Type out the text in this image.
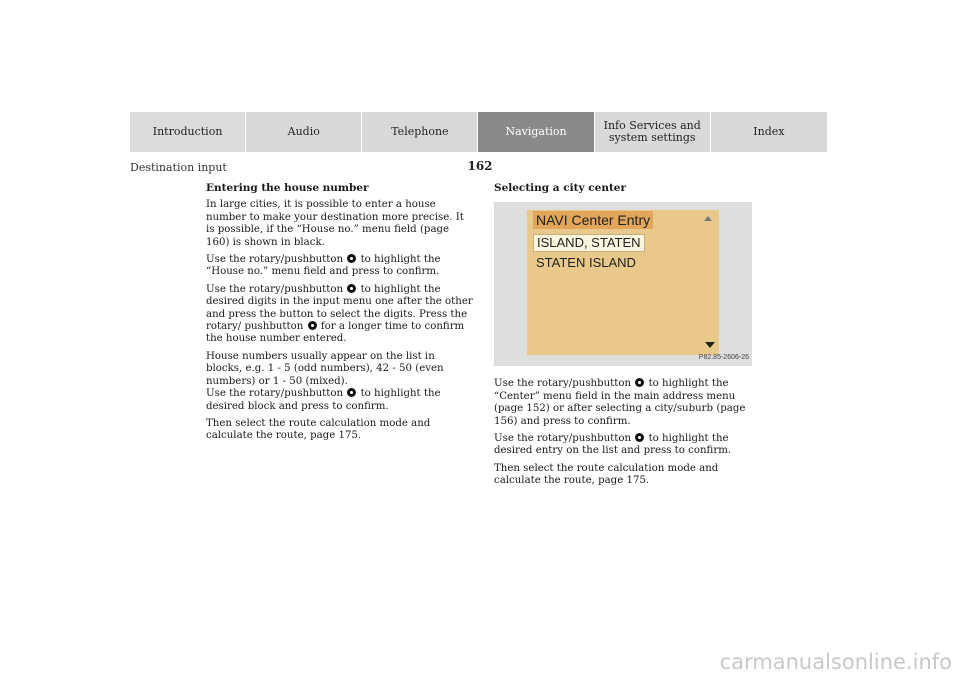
Introduction	Audio	Telephone	Navigation	Info Services and system settings	Index
Destination input	162

Entering the house number

In large cities, it is possible to enter a house number to make your destination more precise. It is possible, if the “House no.” menu field (page 160) is shown in black.

Use the rotary/pushbutton to highlight the “House no.” menu field and press to confirm.

Use the rotary/pushbutton to highlight the desired digits in the input menu one after the other and press the button to select the digits. Press the rotary/ pushbutton for a longer time to confirm the house number entered.

House numbers usually appear on the list in blocks, e.g. 1 - 5 (odd numbers), 42 - 50 (even numbers) or 1 - 50 (mixed).
Use the rotary/pushbutton to highlight the desired block and press to confirm.

Then select the route calculation mode and calculate the route, page 175.

Selecting a city center

NAVI Center Entry
ISLAND, STATEN
STATEN ISLAND
P82.85-2606-26

Use the rotary/pushbutton to highlight the “Center” menu field in the main address menu (page 152) or after selecting a city/suburb (page 156) and press to confirm.

Use the rotary/pushbutton to highlight the desired entry on the list and press to confirm.

Then select the route calculation mode and calculate the route, page 175.

carmanualsonline.info
